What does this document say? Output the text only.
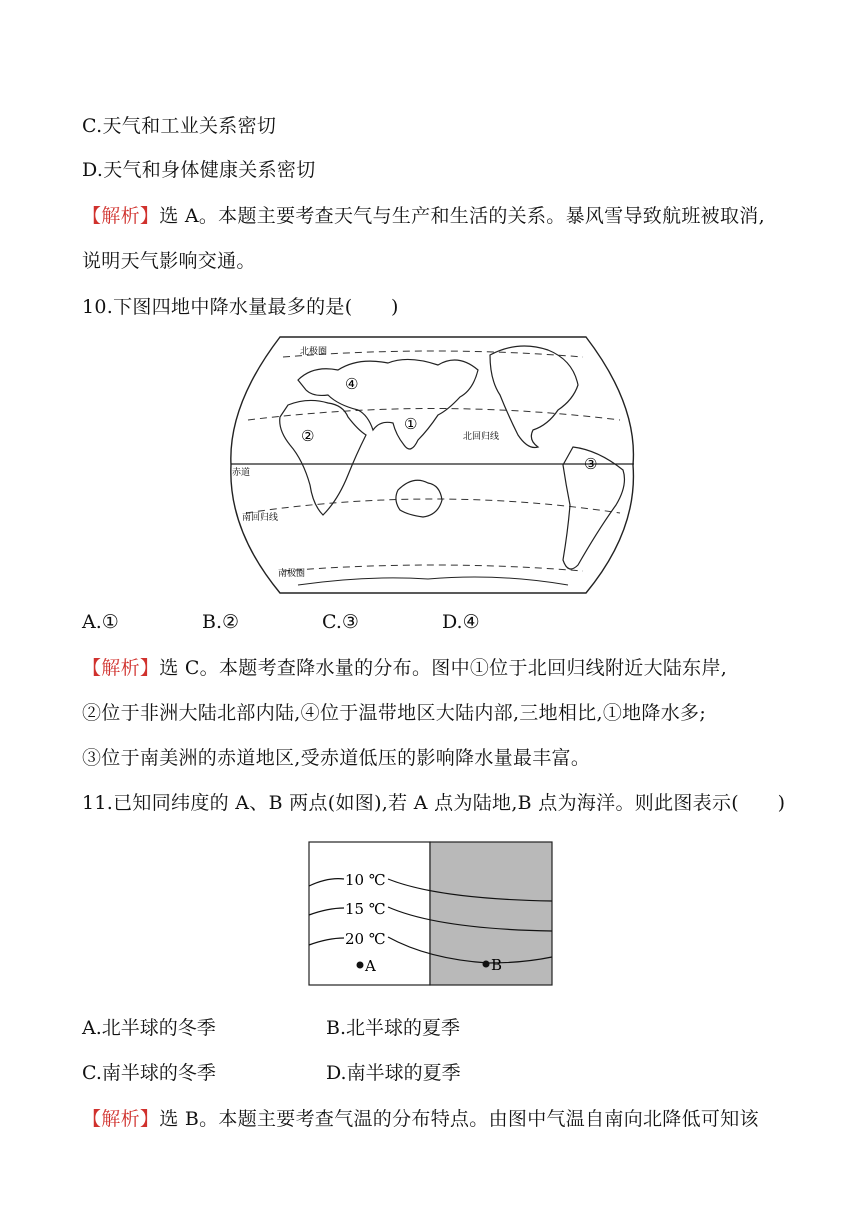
C.天气和工业关系密切
D.天气和身体健康关系密切
【解析】选 A。本题主要考查天气与生产和生活的关系。暴风雪导致航班被取消,
说明天气影响交通。
10.下图四地中降水量最多的是(　　)
北极圈
北回归线
赤道
南回归线
南极圈
①
②
③
④
A.①	B.②	C.③	D.④
【解析】选 C。本题考查降水量的分布。图中①位于北回归线附近大陆东岸,
②位于非洲大陆北部内陆,④位于温带地区大陆内部,三地相比,①地降水多;
③位于南美洲的赤道地区,受赤道低压的影响降水量最丰富。
11.已知同纬度的 A、B 两点(如图),若 A 点为陆地,B 点为海洋。则此图表示(　　)
10 ℃
15 ℃
20 ℃
A	B
A.北半球的冬季	B.北半球的夏季
C.南半球的冬季	D.南半球的夏季
【解析】选 B。本题主要考查气温的分布特点。由图中气温自南向北降低可知该
